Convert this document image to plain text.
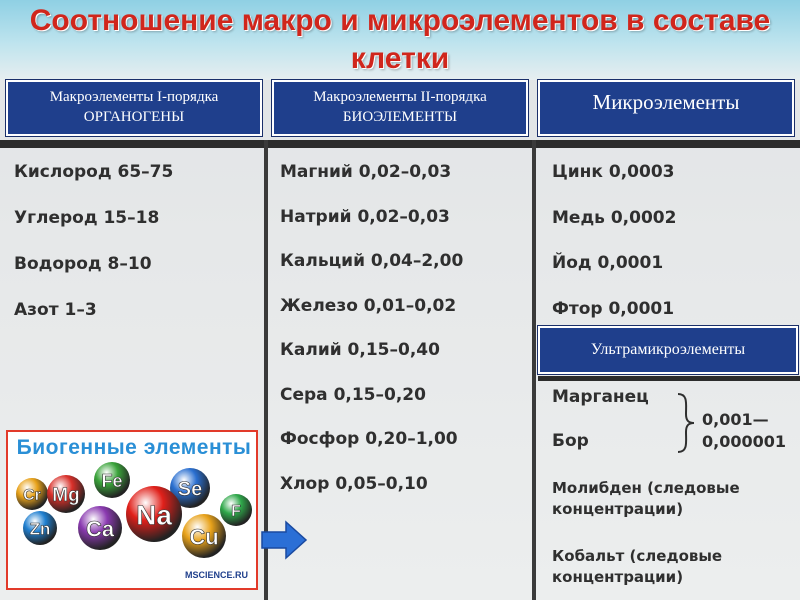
Соотношение макро и микроэлементов в составе клетки
Макроэлементы I-порядка ОРГАНОГЕНЫ
Макроэлементы II-порядка БИОЭЛЕМЕНТЫ
Микроэлементы
Кислород 65–75
Углерод 15–18
Водород 8–10
Азот 1–3
Магний 0,02–0,03
Натрий 0,02–0,03
Кальций 0,04–2,00
Железо 0,01–0,02
Калий 0,15–0,40
Сера 0,15–0,20
Фосфор 0,20–1,00
Хлор 0,05–0,10
Цинк 0,0003
Медь 0,0002
Йод 0,0001
Фтор 0,0001
Ультрамикроэлементы
Марганец
Бор
0,001—
0,000001
Молибден (следовые концентрации)
Кобальт (следовые концентрации)
Биогенные элементы
Cr Mg
Fe	Se
Zn Ca Na
Cu
F
MSCIENCE.RU
